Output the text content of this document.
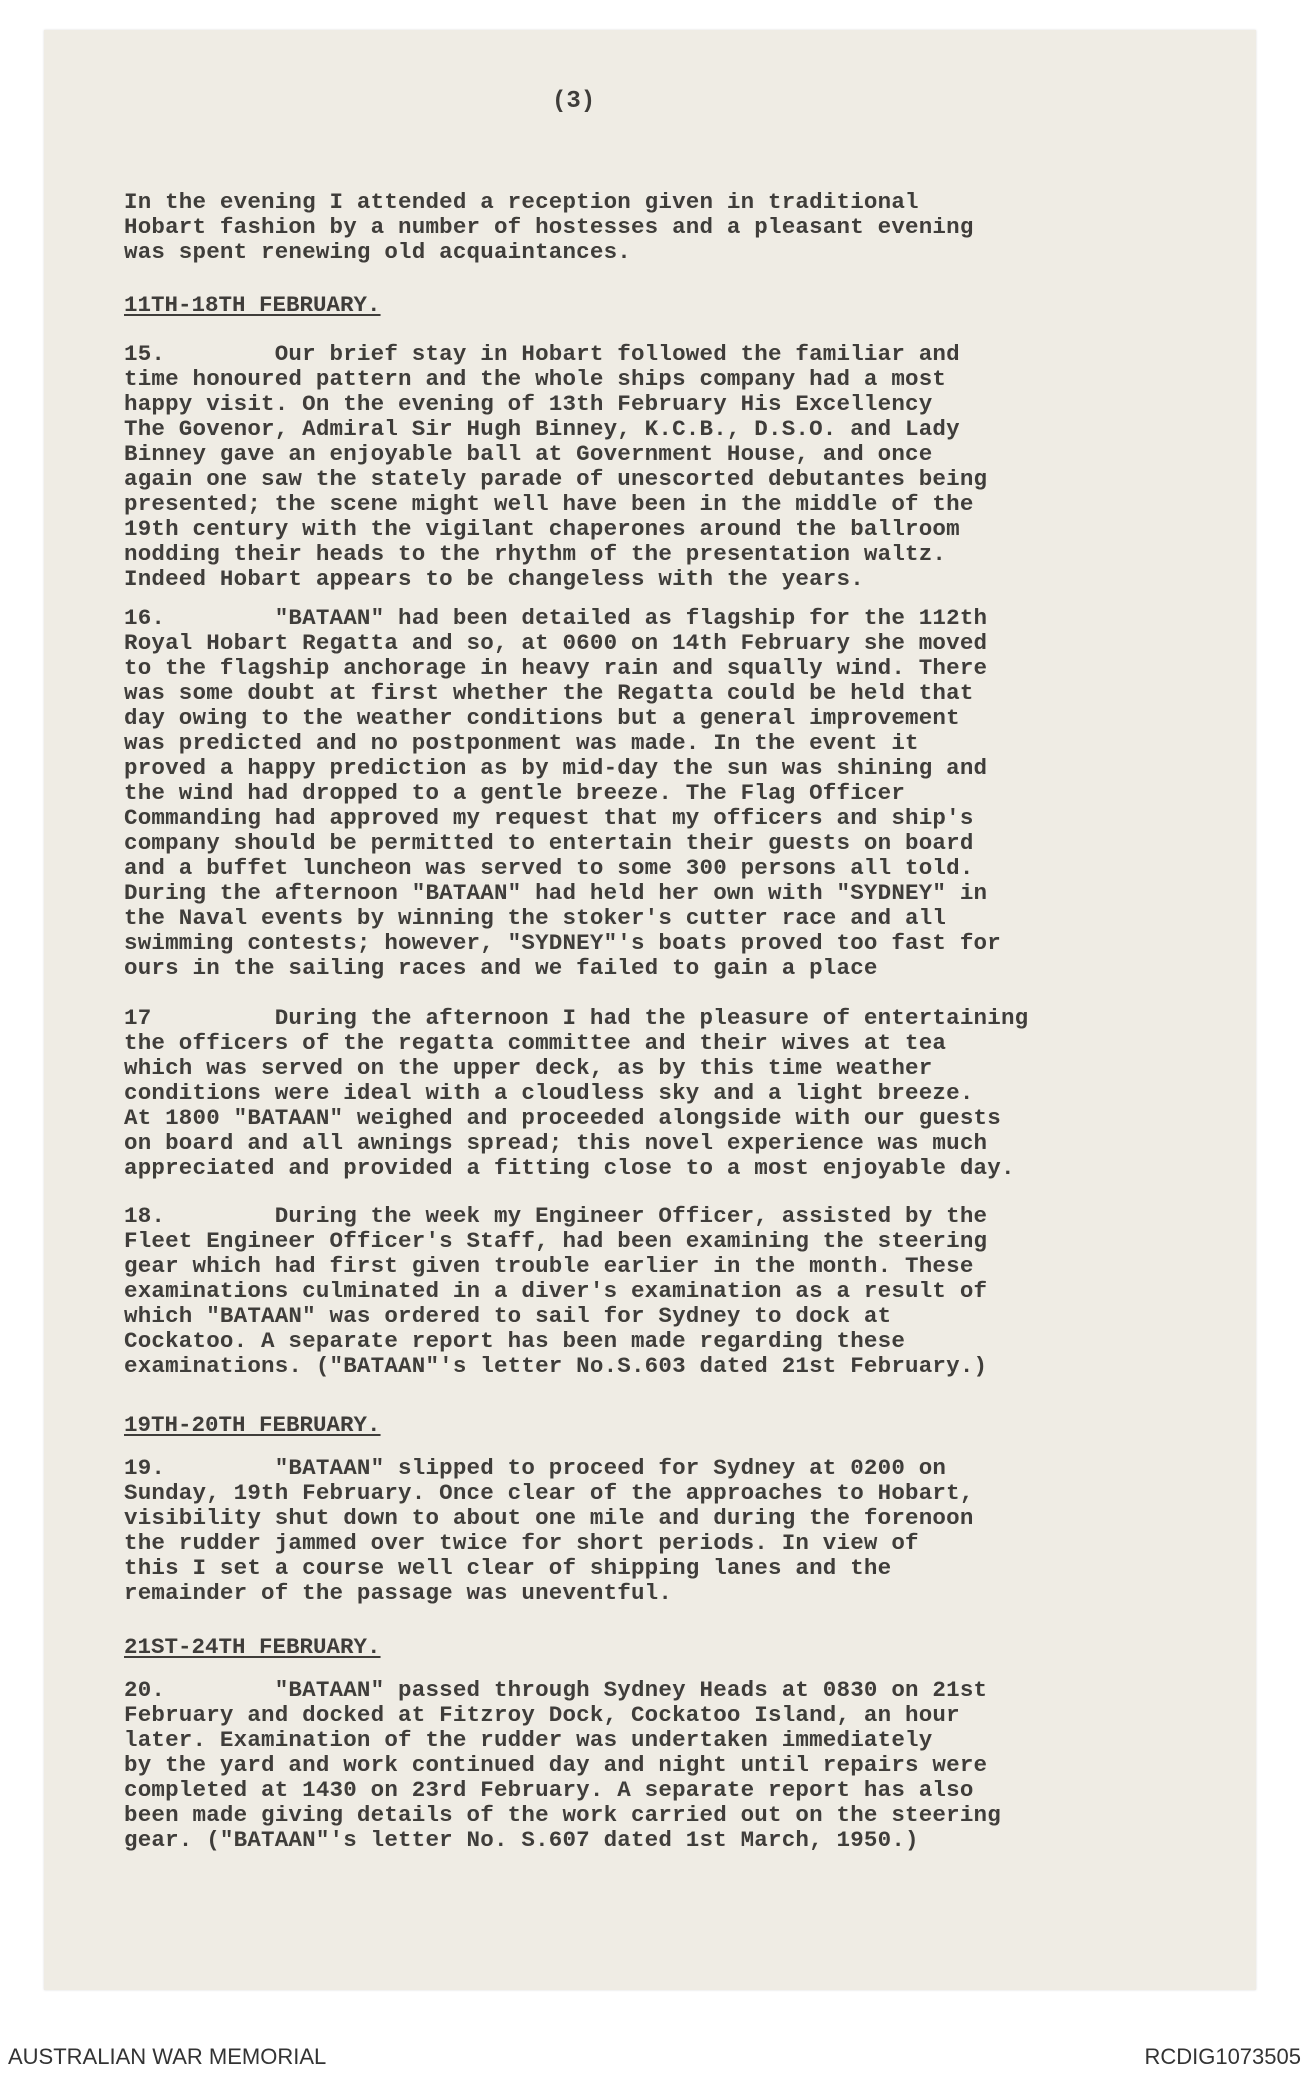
(3)
In the evening I attended a reception given in traditional
Hobart fashion by a number of hostesses and a pleasant evening
was spent renewing old acquaintances.
11TH-18TH FEBRUARY.
15.        Our brief stay in Hobart followed the familiar and
time honoured pattern and the whole ships company had a most
happy visit. On the evening of 13th February His Excellency
The Govenor, Admiral Sir Hugh Binney, K.C.B., D.S.O. and Lady
Binney gave an enjoyable ball at Government House, and once
again one saw the stately parade of unescorted debutantes being
presented; the scene might well have been in the middle of the
19th century with the vigilant chaperones around the ballroom
nodding their heads to the rhythm of the presentation waltz.
Indeed Hobart appears to be changeless with the years.
16.        "BATAAN" had been detailed as flagship for the 112th
Royal Hobart Regatta and so, at 0600 on 14th February she moved
to the flagship anchorage in heavy rain and squally wind. There
was some doubt at first whether the Regatta could be held that
day owing to the weather conditions but a general improvement
was predicted and no postponment was made. In the event it
proved a happy prediction as by mid-day the sun was shining and
the wind had dropped to a gentle breeze. The Flag Officer
Commanding had approved my request that my officers and ship's
company should be permitted to entertain their guests on board
and a buffet luncheon was served to some 300 persons all told.
During the afternoon "BATAAN" had held her own with "SYDNEY" in
the Naval events by winning the stoker's cutter race and all
swimming contests; however, "SYDNEY"'s boats proved too fast for
ours in the sailing races and we failed to gain a place
17         During the afternoon I had the pleasure of entertaining
the officers of the regatta committee and their wives at tea
which was served on the upper deck, as by this time weather
conditions were ideal with a cloudless sky and a light breeze.
At 1800 "BATAAN" weighed and proceeded alongside with our guests
on board and all awnings spread; this novel experience was much
appreciated and provided a fitting close to a most enjoyable day.
18.        During the week my Engineer Officer, assisted by the
Fleet Engineer Officer's Staff, had been examining the steering
gear which had first given trouble earlier in the month. These
examinations culminated in a diver's examination as a result of
which "BATAAN" was ordered to sail for Sydney to dock at
Cockatoo. A separate report has been made regarding these
examinations. ("BATAAN"'s letter No.S.603 dated 21st February.)
19TH-20TH FEBRUARY.
19.        "BATAAN" slipped to proceed for Sydney at 0200 on
Sunday, 19th February. Once clear of the approaches to Hobart,
visibility shut down to about one mile and during the forenoon
the rudder jammed over twice for short periods. In view of
this I set a course well clear of shipping lanes and the
remainder of the passage was uneventful.
21ST-24TH FEBRUARY.
20.        "BATAAN" passed through Sydney Heads at 0830 on 21st
February and docked at Fitzroy Dock, Cockatoo Island, an hour
later. Examination of the rudder was undertaken immediately
by the yard and work continued day and night until repairs were
completed at 1430 on 23rd February. A separate report has also
been made giving details of the work carried out on the steering
gear. ("BATAAN"'s letter No. S.607 dated 1st March, 1950.)
AUSTRALIAN WAR MEMORIAL	RCDIG1073505
